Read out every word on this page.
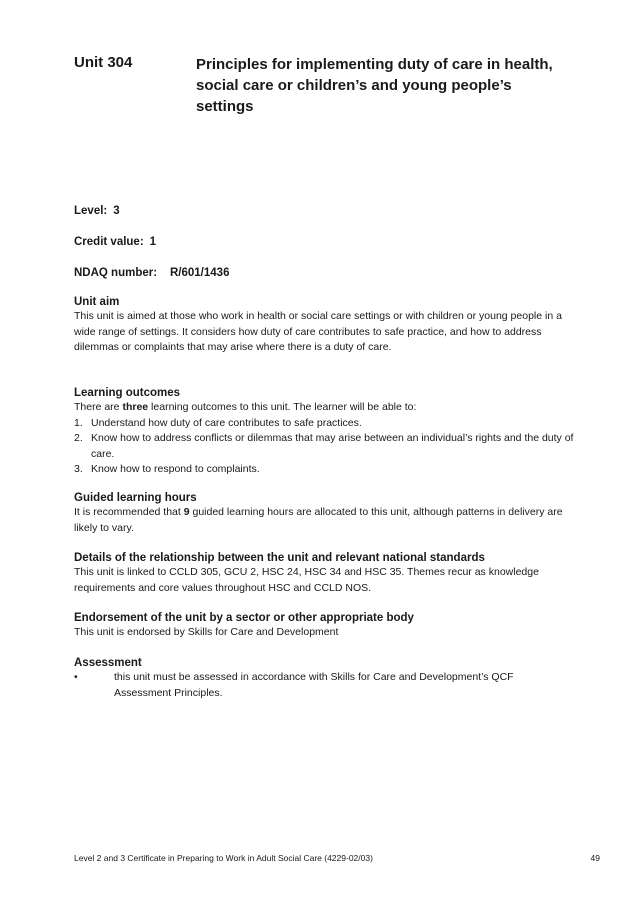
Unit 304	Principles for implementing duty of care in health, social care or children’s and young people’s settings
Level: 3
Credit value: 1
NDAQ number: R/601/1436
Unit aim

This unit is aimed at those who work in health or social care settings or with children or young people in a wide range of settings. It considers how duty of care contributes to safe practice, and how to address dilemmas or complaints that may arise where there is a duty of care.

Learning outcomes

There are three learning outcomes to this unit. The learner will be able to:

1. Understand how duty of care contributes to safe practices.
2. Know how to address conflicts or dilemmas that may arise between an individual’s rights and the duty of care.
3. Know how to respond to complaints.
Guided learning hours

It is recommended that 9 guided learning hours are allocated to this unit, although patterns in delivery are likely to vary.

Details of the relationship between the unit and relevant national standards

This unit is linked to CCLD 305, GCU 2, HSC 24, HSC 34 and HSC 35. Themes recur as knowledge requirements and core values throughout HSC and CCLD NOS.

Endorsement of the unit by a sector or other appropriate body

This unit is endorsed by Skills for Care and Development

Assessment
•	this unit must be assessed in accordance with Skills for Care and Development’s QCF Assessment Principles.
Level 2 and 3 Certificate in Preparing to Work in Adult Social Care (4229-02/03)	49
